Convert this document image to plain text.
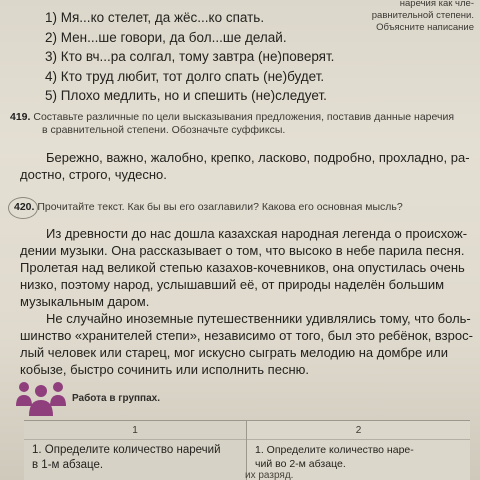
наречия как чле-
равнительной степени. Объясните написание
1) Мя...ко стелет, да жёс...ко спать.
2) Мен...ше говори, да бол...ше делай.
3) Кто вч...ра солгал, тому завтра (не)поверят.
4) Кто труд любит, тот долго спать (не)будет.
5) Плохо медлить, но и спешить (не)следует.
419. Составьте различные по цели высказывания предложения, поставив данные наречия
в сравнительной степени. Обозначьте суффиксы.
Бережно, важно, жалобно, крепко, ласково, подробно, прохладно, ра-
достно, строго, чудесно.
420. Прочитайте текст. Как бы вы его озаглавили? Какова его основная мысль?
Из древности до нас дошла казахская народная легенда о происхож-
дении музыки. Она рассказывает о том, что высоко в небе парила песня.
Пролетая над великой степью казахов-кочевников, она опустилась очень
низко, поэтому народ, услышавший её, от природы наделён большим
музыкальным даром.
Не случайно иноземные путешественники удивлялись тому, что боль-
шинство «хранителей степи», независимо от того, был это ребёнок, взрос-
лый человек или старец, мог искусно сыграть мелодию на домбре или
кобызе, быстро сочинить или исполнить песню.
Работа в группах.
1
1. Определите количество наречий
в 1-м абзаце.
2
1. Определите количество наре-
чий во 2-м абзаце.
их разряд.
